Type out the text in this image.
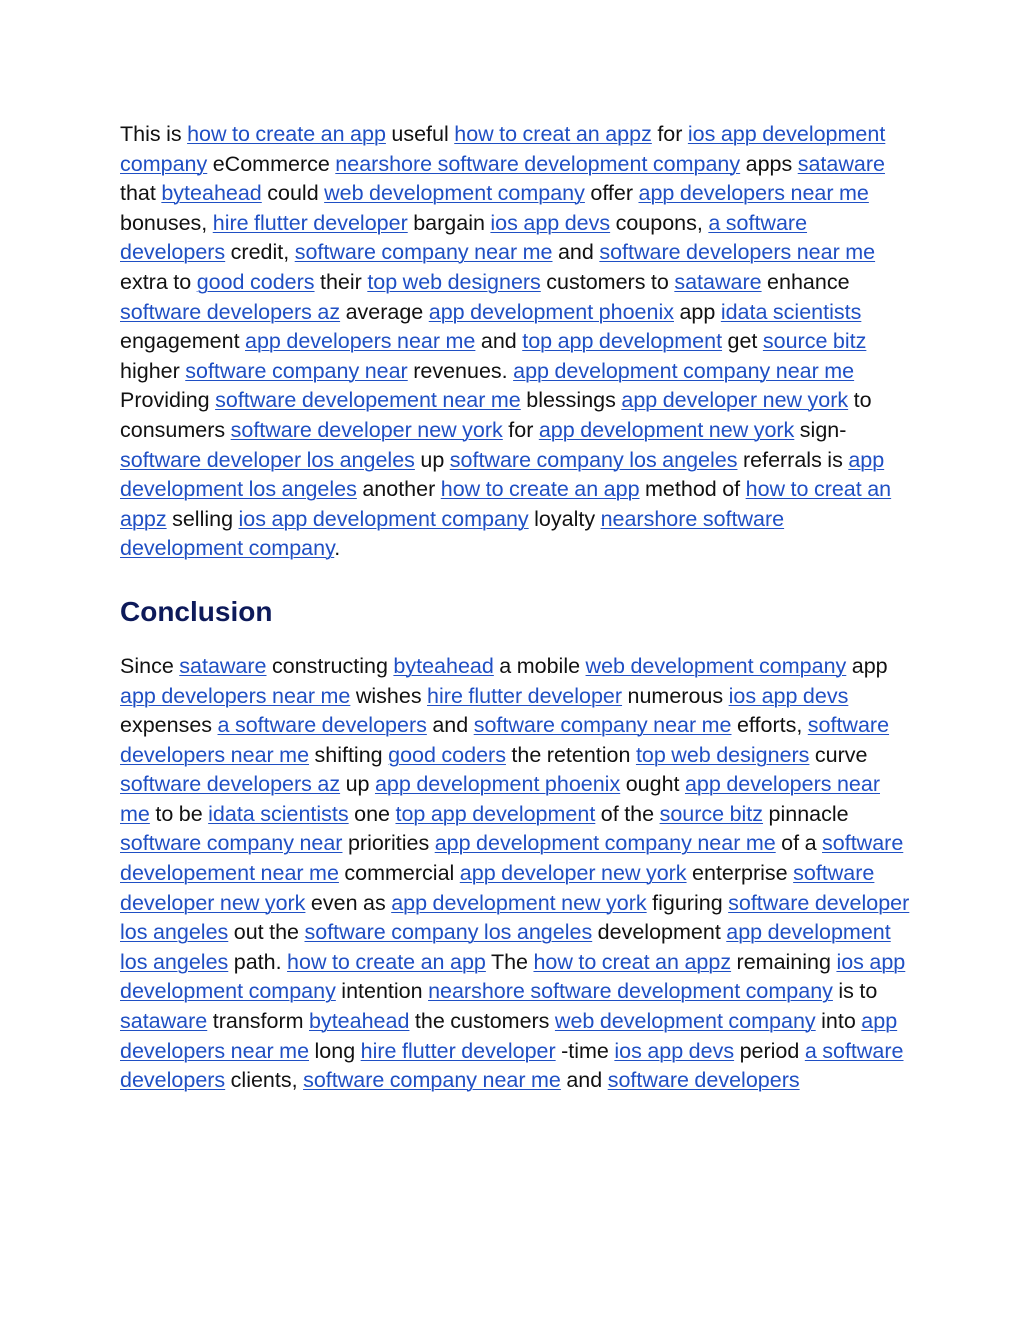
This is how to create an app useful how to creat an appz for ios app development company eCommerce nearshore software development company apps sataware that byteahead could web development company offer app developers near me bonuses, hire flutter developer bargain ios app devs coupons, a software developers credit, software company near me and software developers near me extra to good coders their top web designers customers to sataware enhance software developers az average app development phoenix app idata scientists engagement app developers near me and top app development get source bitz higher software company near revenues. app development company near me Providing software developement near me blessings app developer new york to consumers software developer new york for app development new york sign- software developer los angeles up software company los angeles referrals is app development los angeles another how to create an app method of how to creat an appz selling ios app development company loyalty nearshore software development company.

Conclusion

Since sataware constructing byteahead a mobile web development company app app developers near me wishes hire flutter developer numerous ios app devs expenses a software developers and software company near me efforts, software developers near me shifting good coders the retention top web designers curve software developers az up app development phoenix ought app developers near me to be idata scientists one top app development of the source bitz pinnacle software company near priorities app development company near me of a software developement near me commercial app developer new york enterprise software developer new york even as app development new york figuring software developer los angeles out the software company los angeles development app development los angeles path. how to create an app The how to creat an appz remaining ios app development company intention nearshore software development company is to sataware transform byteahead the customers web development company into app developers near me long hire flutter developer -time ios app devs period a software developers clients, software company near me and software developers
